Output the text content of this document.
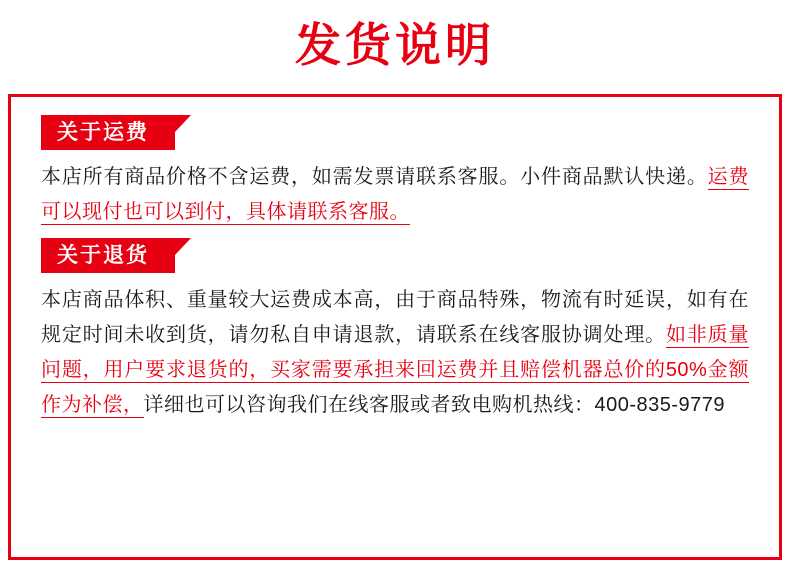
发货说明
关于运费

本店所有商品价格不含运费，如需发票请联系客服。小件商品默认快递。运费可以现付也可以到付，具体请联系客服。

关于退货

本店商品体积、重量较大运费成本高，由于商品特殊，物流有时延误，如有在规定时间未收到货，请勿私自申请退款，请联系在线客服协调处理。如非质量问题，用户要求退货的，买家需要承担来回运费并且赔偿机器总价的50%金额作为补偿，详细也可以咨询我们在线客服或者致电购机热线：400-835-9779
